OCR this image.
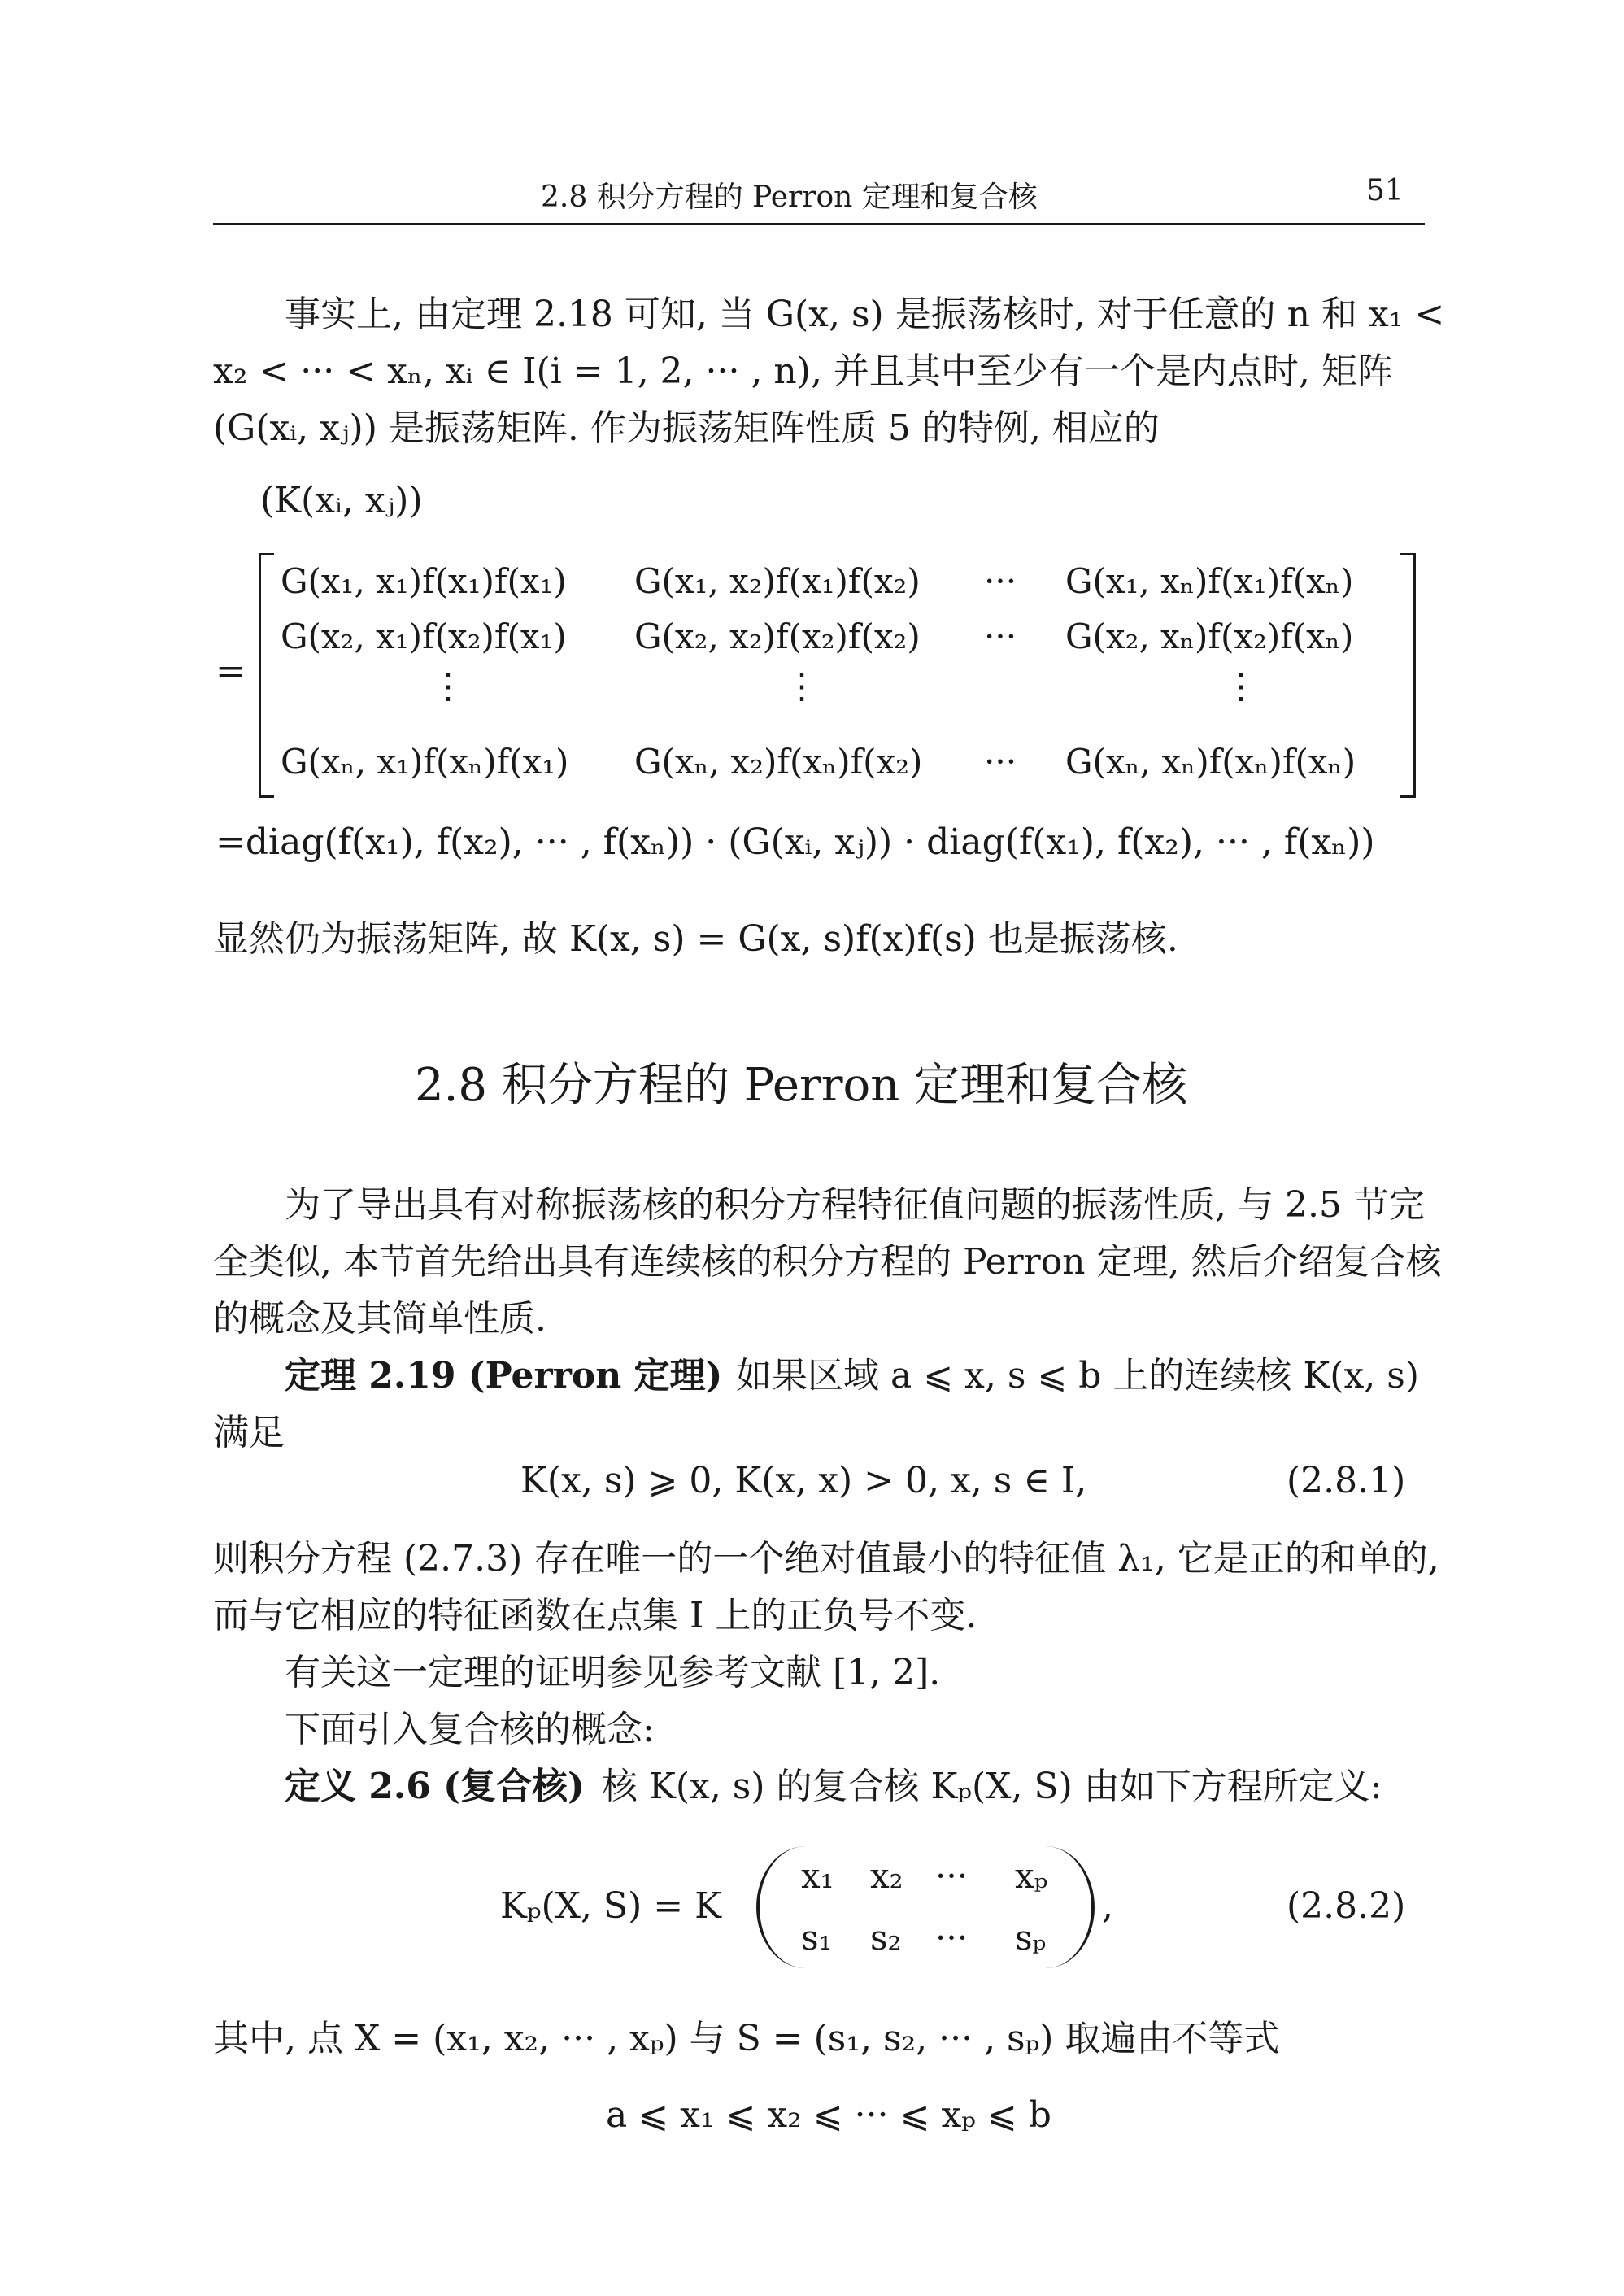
2.8 积分方程的 Perron 定理和复合核	51
事实上, 由定理 2.18 可知, 当 G(x, s) 是振荡核时, 对于任意的 n 和 x₁ <
x₂ < ··· < xₙ, xᵢ ∈ I(i = 1, 2, ··· , n), 并且其中至少有一个是内点时, 矩阵
(G(xᵢ, xⱼ)) 是振荡矩阵. 作为振荡矩阵性质 5 的特例, 相应的
(K(xᵢ, xⱼ))
=
G(x₁, x₁)f(x₁)f(x₁) G(x₁, x₂)f(x₁)f(x₂) ··· G(x₁, xₙ)f(x₁)f(xₙ)
G(x₂, x₁)f(x₂)f(x₁) G(x₂, x₂)f(x₂)f(x₂) ··· G(x₂, xₙ)f(x₂)f(xₙ)
⋮	⋮	⋮
G(xₙ, x₁)f(xₙ)f(x₁) G(xₙ, x₂)f(xₙ)f(x₂) ··· G(xₙ, xₙ)f(xₙ)f(xₙ)
=diag(f(x₁), f(x₂), ··· , f(xₙ)) · (G(xᵢ, xⱼ)) · diag(f(x₁), f(x₂), ··· , f(xₙ))
显然仍为振荡矩阵, 故 K(x, s) = G(x, s)f(x)f(s) 也是振荡核.
2.8 积分方程的 Perron 定理和复合核
为了导出具有对称振荡核的积分方程特征值问题的振荡性质, 与 2.5 节完
全类似, 本节首先给出具有连续核的积分方程的 Perron 定理, 然后介绍复合核
的概念及其简单性质.
定理 2.19 (Perron 定理) 如果区域 a ⩽ x, s ⩽ b 上的连续核 K(x, s)
满足
K(x, s) ⩾ 0, K(x, x) > 0, x, s ∈ I,	(2.8.1)
则积分方程 (2.7.3) 存在唯一的一个绝对值最小的特征值 λ₁, 它是正的和单的,
而与它相应的特征函数在点集 I 上的正负号不变.
有关这一定理的证明参见参考文献 [1, 2].
下面引入复合核的概念:
定义 2.6 (复合核) 核 K(x, s) 的复合核 Kₚ(X, S) 由如下方程所定义:
Kₚ(X, S) = K
x₁ x₂ ··· xₚ
s₁ s₂ ··· sₚ
,	(2.8.2)
其中, 点 X = (x₁, x₂, ··· , xₚ) 与 S = (s₁, s₂, ··· , sₚ) 取遍由不等式
a ⩽ x₁ ⩽ x₂ ⩽ ··· ⩽ xₚ ⩽ b
